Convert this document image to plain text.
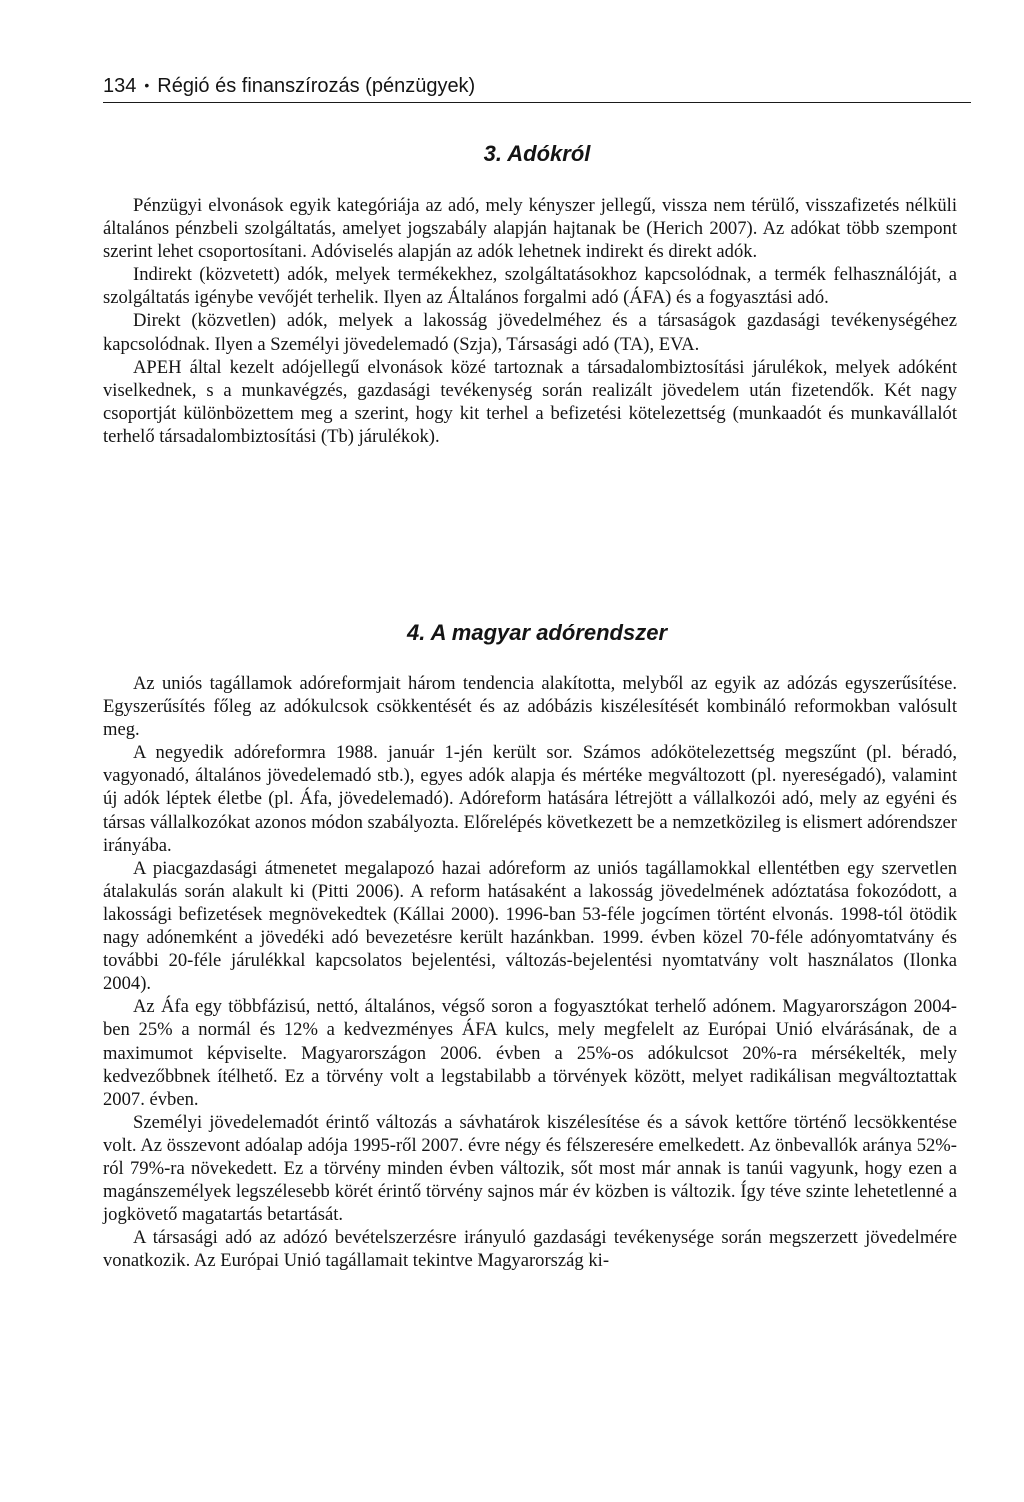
134 • Régió és finanszírozás (pénzügyek)
3. Adókról

Pénzügyi elvonások egyik kategóriája az adó, mely kényszer jellegű, vissza nem térülő, visszafizetés nélküli általános pénzbeli szolgáltatás, amelyet jogszabály alapján hajtanak be (Herich 2007). Az adókat több szempont szerint lehet csoportosítani. Adóviselés alapján az adók lehetnek indirekt és direkt adók.

Indirekt (közvetett) adók, melyek termékekhez, szolgáltatásokhoz kapcsolódnak, a termék felhasználóját, a szolgáltatás igénybe vevőjét terhelik. Ilyen az Általános forgalmi adó (ÁFA) és a fogyasztási adó.

Direkt (közvetlen) adók, melyek a lakosság jövedelméhez és a társaságok gazdasági tevékenységéhez kapcsolódnak. Ilyen a Személyi jövedelemadó (Szja), Társasági adó (TA), EVA.

APEH által kezelt adójellegű elvonások közé tartoznak a társadalombiztosítási járulékok, melyek adóként viselkednek, s a munkavégzés, gazdasági tevékenység során realizált jövedelem után fizetendők. Két nagy csoportját különbözettem meg a szerint, hogy kit terhel a befizetési kötelezettség (munkaadót és munkavállalót terhelő társadalombiztosítási (Tb) járulékok).

4. A magyar adórendszer

Az uniós tagállamok adóreformjait három tendencia alakította, melyből az egyik az adózás egyszerűsítése. Egyszerűsítés főleg az adókulcsok csökkentését és az adóbázis kiszélesítését kombináló reformokban valósult meg.

A negyedik adóreformra 1988. január 1-jén került sor. Számos adókötelezettség megszűnt (pl. béradó, vagyonadó, általános jövedelemadó stb.), egyes adók alapja és mértéke megváltozott (pl. nyereségadó), valamint új adók léptek életbe (pl. Áfa, jövedelemadó). Adóreform hatására létrejött a vállalkozói adó, mely az egyéni és társas vállalkozókat azonos módon szabályozta. Előrelépés következett be a nemzetközileg is elismert adórendszer irányába.

A piacgazdasági átmenetet megalapozó hazai adóreform az uniós tagállamokkal ellentétben egy szervetlen átalakulás során alakult ki (Pitti 2006). A reform hatásaként a lakosság jövedelmének adóztatása fokozódott, a lakossági befizetések megnövekedtek (Kállai 2000). 1996-ban 53-féle jogcímen történt elvonás. 1998-tól ötödik nagy adónemként a jövedéki adó bevezetésre került hazánkban. 1999. évben közel 70-féle adónyomtatvány és további 20-féle járulékkal kapcsolatos bejelentési, változás-bejelentési nyomtatvány volt használatos (Ilonka 2004).

Az Áfa egy többfázisú, nettó, általános, végső soron a fogyasztókat terhelő adónem. Magyarországon 2004-ben 25% a normál és 12% a kedvezményes ÁFA kulcs, mely megfelelt az Európai Unió elvárásának, de a maximumot képviselte. Magyarországon 2006. évben a 25%-os adókulcsot 20%-ra mérsékelték, mely kedvezőbbnek ítélhető. Ez a törvény volt a legstabilabb a törvények között, melyet radikálisan megváltoztattak 2007. évben.

Személyi jövedelemadót érintő változás a sávhatárok kiszélesítése és a sávok kettőre történő lecsökkentése volt. Az összevont adóalap adója 1995-ről 2007. évre négy és félszeresére emelkedett. Az önbevallók aránya 52%-ról 79%-ra növekedett. Ez a törvény minden évben változik, sőt most már annak is tanúi vagyunk, hogy ezen a magánszemélyek legszélesebb körét érintő törvény sajnos már év közben is változik. Így téve szinte lehetetlenné a jogkövető magatartás betartását.

A társasági adó az adózó bevételszerzésre irányuló gazdasági tevékenysége során megszerzett jövedelmére vonatkozik. Az Európai Unió tagállamait tekintve Magyarország ki-
